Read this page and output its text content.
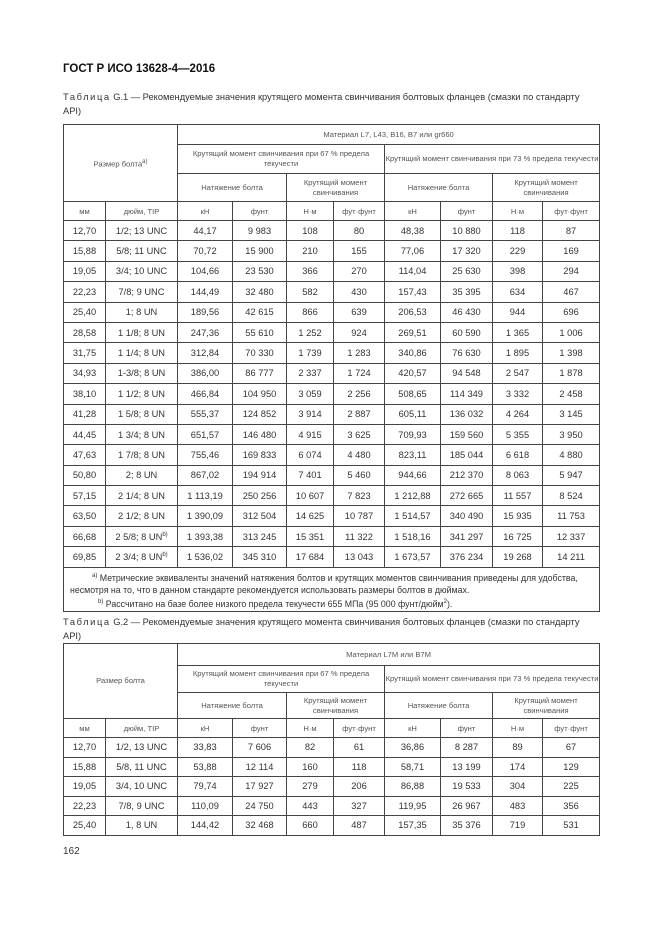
ГОСТ Р ИСО 13628-4—2016
Таблица G.1 — Рекомендуемые значения крутящего момента свинчивания болтовых фланцев (смазки по стандарту API)
Размер болта$^{a)}$	Материал L7, L43, B16, B7 или gr660
Крутящий момент свинчивания при 67 % предела текучести	Крутящий момент свинчивания при 73 % предела текучести
Натяжение болта	Крутящий момент свинчивания	Натяжение болта	Крутящий момент свинчивания
мм	дюйм, TIP	кН	фунт	Н·м	фут·фунт	кН	фунт	Н·м	фут·фунт
12,70	1/2; 13 UNC	44,17	9 983	108	80	48,38	10 880	118	87
15,88	5/8; 11 UNC	70,72	15 900	210	155	77,06	17 320	229	169
19,05	3/4; 10 UNC	104,66	23 530	366	270	114,04	25 630	398	294
22,23	7/8; 9 UNC	144,49	32 480	582	430	157,43	35 395	634	467
25,40	1; 8 UN	189,56	42 615	866	639	206,53	46 430	944	696
28,58	1 1/8; 8 UN	247,36	55 610	1 252	924	269,51	60 590	1 365	1 006
31,75	1 1/4; 8 UN	312,84	70 330	1 739	1 283	340,86	76 630	1 895	1 398
34,93	1-3/8; 8 UN	386,00	86 777	2 337	1 724	420,57	94 548	2 547	1 878
38,10	1 1/2; 8 UN	466,84	104 950	3 059	2 256	508,65	114 349	3 332	2 458
41,28	1 5/8; 8 UN	555,37	124 852	3 914	2 887	605,11	136 032	4 264	3 145
44,45	1 3/4; 8 UN	651,57	146 480	4 915	3 625	709,93	159 560	5 355	3 950
47,63	1 7/8; 8 UN	755,46	169 833	6 074	4 480	823,11	185 044	6 618	4 880
50,80	2; 8 UN	867,02	194 914	7 401	5 460	944,66	212 370	8 063	5 947
57,15	2 1/4; 8 UN	1 113,19	250 256	10 607	7 823	1 212,88	272 665	11 557	8 524
63,50	2 1/2; 8 UN	1 390,09	312 504	14 625	10 787	1 514,57	340 490	15 935	11 753
66,68	2 5/8; 8 UN$^{b)}$	1 393,38	313 245	15 351	11 322	1 518,16	341 297	16 725	12 337
69,85	2 3/4; 8 UN$^{b)}$	1 536,02	345 310	17 684	13 043	1 673,57	376 234	19 268	14 211

$^{a)}$ Метрические эквиваленты значений натяжения болтов и крутящих моментов свинчивания приведены для удобства, несмотря на то, что в данном стандарте рекомендуется использовать размеры болтов в дюймах.
$^{b)}$ Рассчитано на базе более низкого предела текучести 655 МПа (95 000 фунт/дюйм$^2$).
Таблица G.2 — Рекомендуемые значения крутящего момента свинчивания болтовых фланцев (смазки по стандарту API)
Размер болта	Материал L7M или B7M
Крутящий момент свинчивания при 67 % предела текучести	Крутящий момент свинчивания при 73 % предела текучести
Натяжение болта	Крутящий момент свинчивания	Натяжение болта	Крутящий момент свинчивания
мм	дюйм, TIP	кН	фунт	Н·м	фут·фунт	кН	фунт	Н·м	фут·фунт
12,70	1/2, 13 UNC	33,83	7 606	82	61	36,86	8 287	89	67
15,88	5/8, 11 UNC	53,88	12 114	160	118	58,71	13 199	174	129
19,05	3/4, 10 UNC	79,74	17 927	279	206	86,88	19 533	304	225
22,23	7/8, 9 UNC	110,09	24 750	443	327	119,95	26 967	483	356
25,40	1, 8 UN	144,42	32 468	660	487	157,35	35 376	719	531
162
